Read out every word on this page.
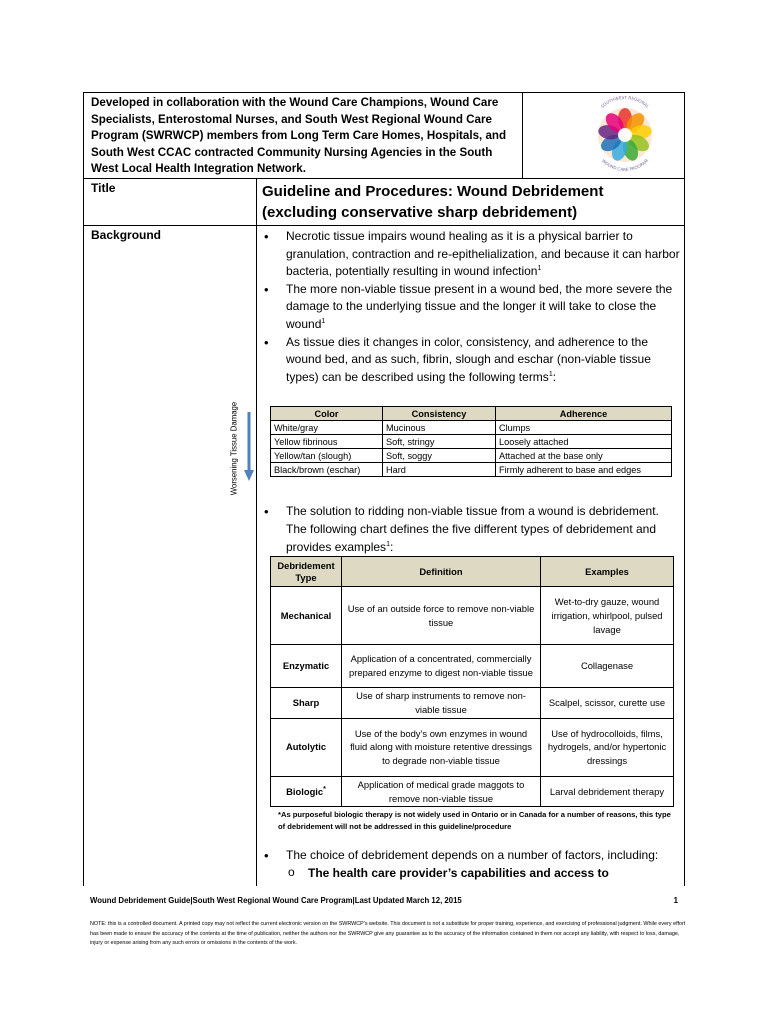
Developed in collaboration with the Wound Care Champions, Wound Care Specialists, Enterostomal Nurses, and South West Regional Wound Care Program (SWRWCP) members from Long Term Care Homes, Hospitals, and South West CCAC contracted Community Nursing Agencies in the South West Local Health Integration Network.
SOUTHWEST REGIONAL
WOUND CARE PROGRAM
Title	Guideline and Procedures: Wound Debridement
(excluding conservative sharp debridement)
Background	• Necrotic tissue impairs wound healing as it is a physical barrier to granulation, contraction and re-epithelialization, and because it can harbor bacteria, potentially resulting in wound infection$^1$
• The more non-viable tissue present in a wound bed, the more severe the damage to the underlying tissue and the longer it will take to close the wound$^1$
• As tissue dies it changes in color, consistency, and adherence to the wound bed, and as such, fibrin, slough and eschar (non-viable tissue types) can be described using the following terms$^1$:
Color	Consistency	Adherence
White/gray	Mucinous	Clumps
Yellow fibrinous	Soft, stringy	Loosely attached
Yellow/tan (slough)	Soft, soggy	Attached at the base only
Black/brown (eschar)	Hard	Firmly adherent to base and edges
• The solution to ridding non-viable tissue from a wound is debridement. The following chart defines the five different types of debridement and provides examples$^1$:
Debridement Type	Definition	Examples
Mechanical	Use of an outside force to remove non-viable tissue	Wet-to-dry gauze, wound irrigation, whirlpool, pulsed lavage
Enzymatic	Application of a concentrated, commercially prepared enzyme to digest non-viable tissue	Collagenase
Sharp	Use of sharp instruments to remove non-viable tissue	Scalpel, scissor, curette use
Autolytic	Use of the body’s own enzymes in wound fluid along with moisture retentive dressings to degrade non-viable tissue	Use of hydrocolloids, films, hydrogels, and/or hypertonic dressings
Biologic*	Application of medical grade maggots to remove non-viable tissue	Larval debridement therapy
*As purposeful biologic therapy is not widely used in Ontario or in Canada for a number of reasons, this type of debridement will not be addressed in this guideline/procedure
• The choice of debridement depends on a number of factors, including:
o The health care provider’s capabilities and access to
Worsening Tissue Damage
Wound Debridement Guide|South West Regional Wound Care Program|Last Updated March 12, 2015	1
NOTE: this is a controlled document. A printed copy may not reflect the current electronic version on the SWRWCP’s website. This document is not a substitute for proper training, experience, and exercising of professional judgment. While every effort has been made to ensure the accuracy of the contents at the time of publication, neither the authors nor the SWRWCP give any guarantee as to the accuracy of the information contained in them nor accept any liability, with respect to loss, damage, injury or expense arising from any such errors or omissions in the contents of the work.
